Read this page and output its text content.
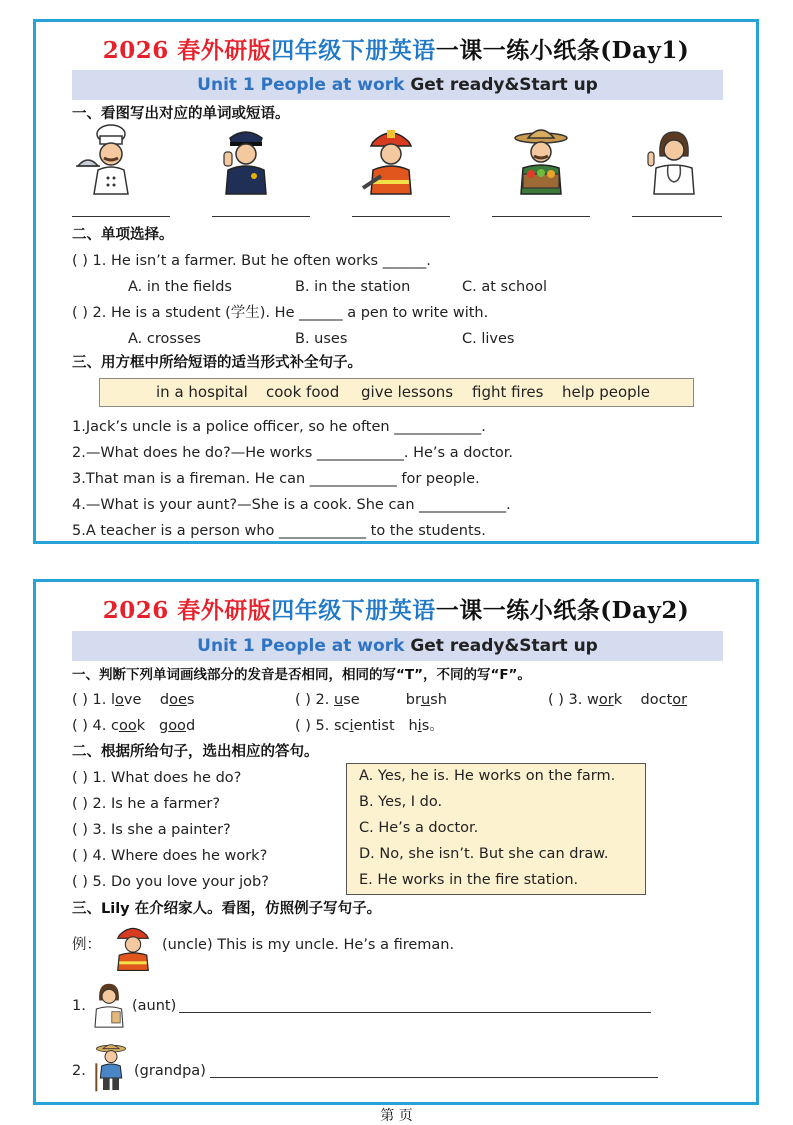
2026 春外研版四年级下册英语一课一练小纸条(Day1)
Unit 1 People at work Get ready&Start up
一、看图写出对应的单词或短语。
二、单项选择。
( ) 1. He isn’t a farmer. But he often works ______.
A. in the fields	B. in the station	C. at school
( ) 2. He is a student (学生). He ______ a pen to write with.
A. crosses	B. uses	C. lives
三、用方框中所给短语的适当形式补全句子。
in a hospital cook food give lessons fight fires help people
1.Jack’s uncle is a police officer, so he often ____________.
2.—What does he do?—He works ____________. He’s a doctor.
3.That man is a fireman. He can ____________ for people.
4.—What is your aunt?—She is a cook. She can ____________.
5.A teacher is a person who ____________ to the students.
2026 春外研版四年级下册英语一课一练小纸条(Day2)
Unit 1 People at work Get ready&Start up
一、判断下列单词画线部分的发音是否相同，相同的写“T”，不同的写“F”。
( ) 1. love does	( ) 2. use	brush	( ) 3. work doctor
( ) 4. cook good	( ) 5. scientist his。
二、根据所给句子，选出相应的答句。
( ) 1. What does he do?
( ) 2. Is he a farmer?
( ) 3. Is she a painter?
( ) 4. Where does he work?
( ) 5. Do you love your job?
A. Yes, he is. He works on the farm.
B. Yes, I do.
C. He’s a doctor.
D. No, she isn’t. But she can draw.
E. He works in the fire station.
三、Lily 在介绍家人。看图，仿照例子写句子。
例：	(uncle) This is my uncle. He’s a fireman.
1.	(aunt)
2.	(grandpa)
第 页
